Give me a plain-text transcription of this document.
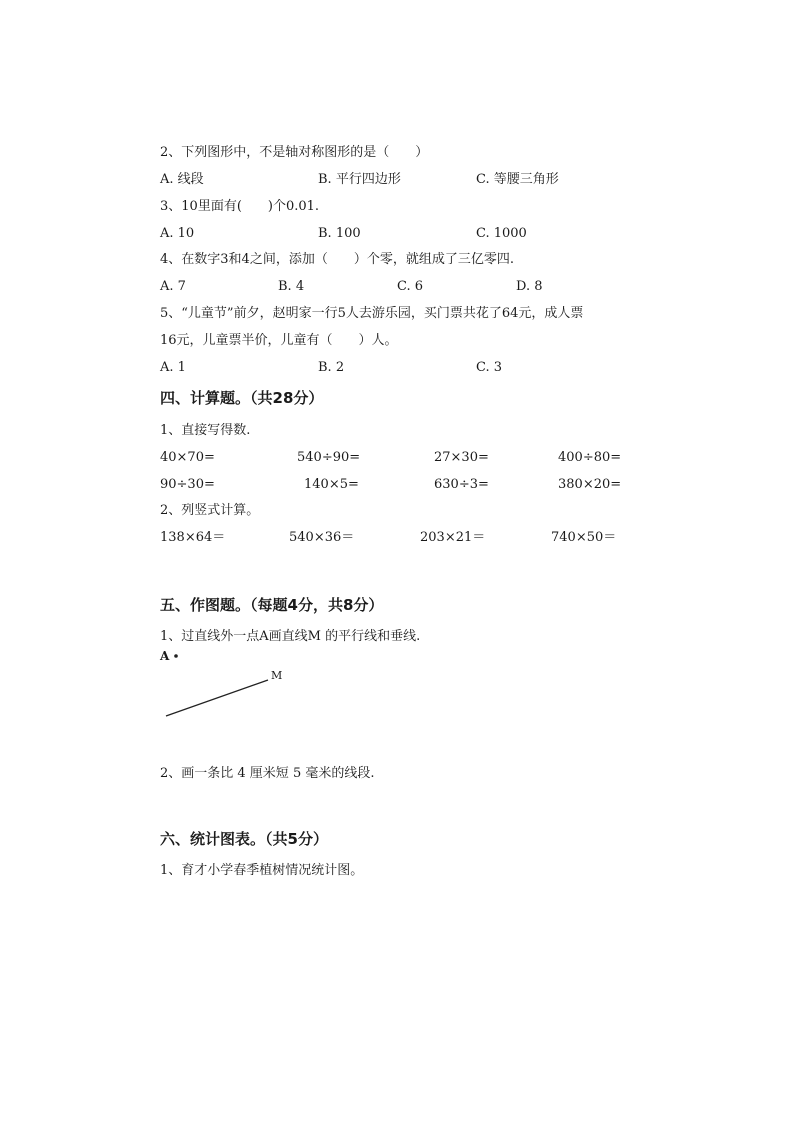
2、下列图形中，不是轴对称图形的是（　　）
A. 线段	B. 平行四边形	C. 等腰三角形
3、10里面有(　　)个0.01.
A. 10	B. 100	C. 1000
4、在数字3和4之间，添加（　　）个零，就组成了三亿零四.
A. 7	B. 4	C. 6	D. 8
5、“儿童节”前夕，赵明家一行5人去游乐园，买门票共花了64元，成人票
16元，儿童票半价，儿童有（　　）人。
A. 1	B. 2	C. 3
四、计算题。（共28分）
1、直接写得数.
40×70=	540÷90=	27×30=	400÷80=
90÷30=	140×5=	630÷3=	380×20=
2、列竖式计算。
138×64＝	540×36＝	203×21＝	740×50＝
五、作图题。（每题4分，共8分）
1、过直线外一点A画直线M 的平行线和垂线.
A
M
2、画一条比 4 厘米短 5 毫米的线段.
六、统计图表。（共5分）
1、育才小学春季植树情况统计图。
